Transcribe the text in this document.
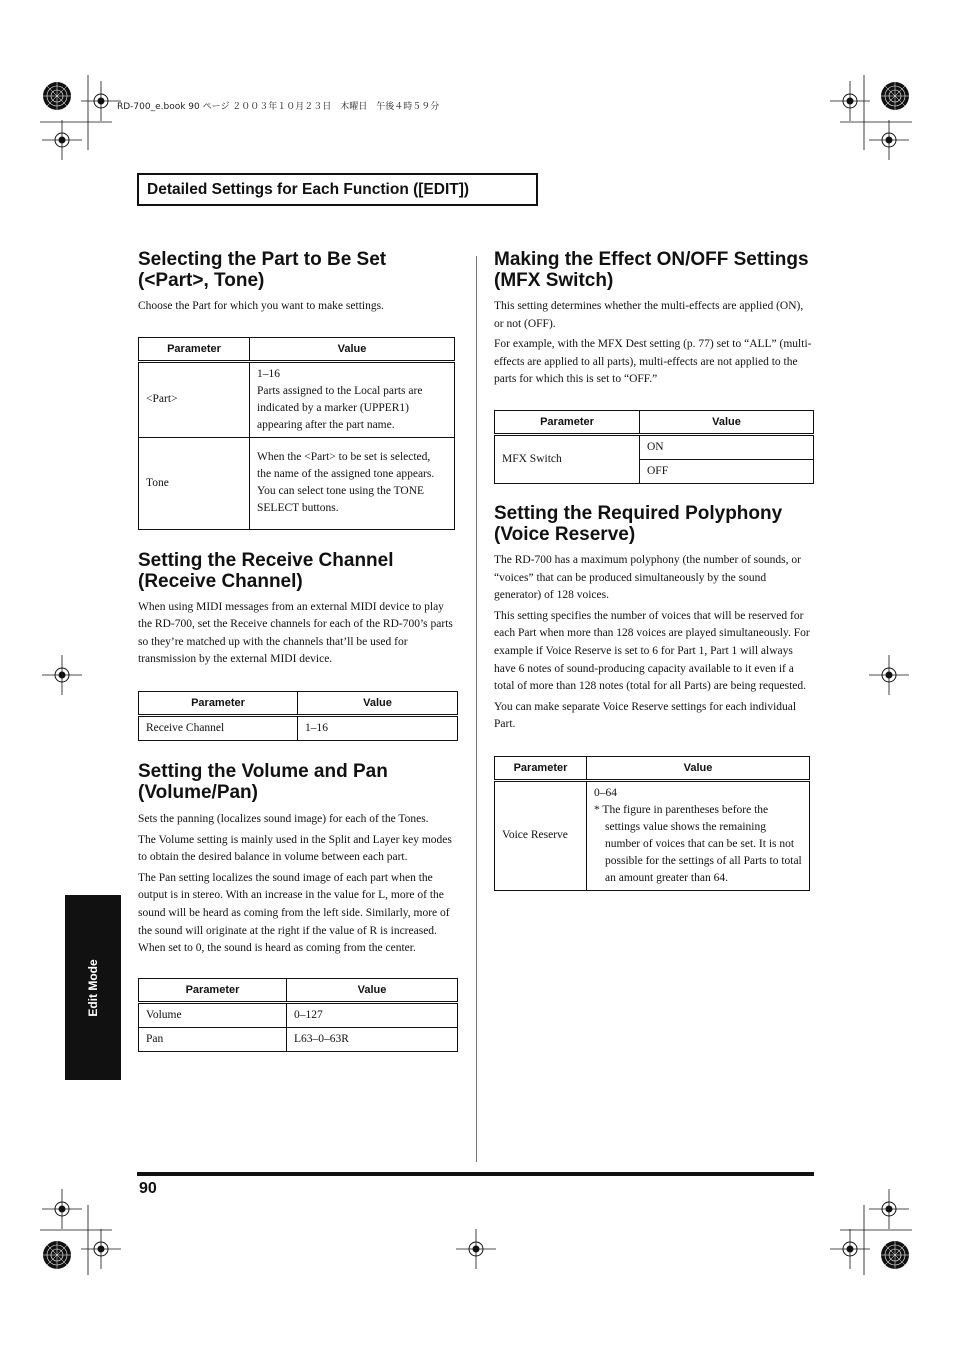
RD-700_e.book 90 ページ ２００３年１０月２３日　木曜日　午後４時５９分
Detailed Settings for Each Function ([EDIT])
Selecting the Part to Be Set (<Part>, Tone)

Choose the Part for which you want to make settings.

Parameter	Value
<Part>	1–16
Parts assigned to the Local parts are indicated by a marker (UPPER1) appearing after the part name.

Tone	When the <Part> to be set is selected, the name of the assigned tone appears.
You can select tone using the TONE SELECT buttons.
Setting the Receive Channel (Receive Channel)

When using MIDI messages from an external MIDI device to play the RD-700, set the Receive channels for each of the RD-700’s parts so they’re matched up with the channels that’ll be used for transmission by the external MIDI device.

Parameter	Value
Receive Channel	1–16
Setting the Volume and Pan (Volume/Pan)

Sets the panning (localizes sound image) for each of the Tones.

The Volume setting is mainly used in the Split and Layer key modes to obtain the desired balance in volume between each part.

The Pan setting localizes the sound image of each part when the output is in stereo. With an increase in the value for L, more of the sound will be heard as coming from the left side. Similarly, more of the sound will originate at the right if the value of R is increased. When set to 0, the sound is heard as coming from the center.

Parameter	Value
Volume	0–127
Pan	L63–0–63R
Making the Effect ON/OFF Settings (MFX Switch)

This setting determines whether the multi-effects are applied (ON), or not (OFF).

For example, with the MFX Dest setting (p. 77) set to “ALL” (multi-effects are applied to all parts), multi-effects are not applied to the parts for which this is set to “OFF.”

Parameter	Value
MFX Switch	ON
	OFF
Setting the Required Polyphony (Voice Reserve)

The RD-700 has a maximum polyphony (the number of sounds, or “voices” that can be produced simultaneously by the sound generator) of 128 voices.

This setting specifies the number of voices that will be reserved for each Part when more than 128 voices are played simultaneously. For example if Voice Reserve is set to 6 for Part 1, Part 1 will always have 6 notes of sound-producing capacity available to it even if a total of more than 128 notes (total for all Parts) are being requested.

You can make separate Voice Reserve settings for each individual Part.

Parameter	Value
Voice Reserve	0–64
* The figure in parentheses before the settings value shows the remaining number of voices that can be set. It is not possible for the settings of all Parts to total an amount greater than 64.
Edit Mode
90
